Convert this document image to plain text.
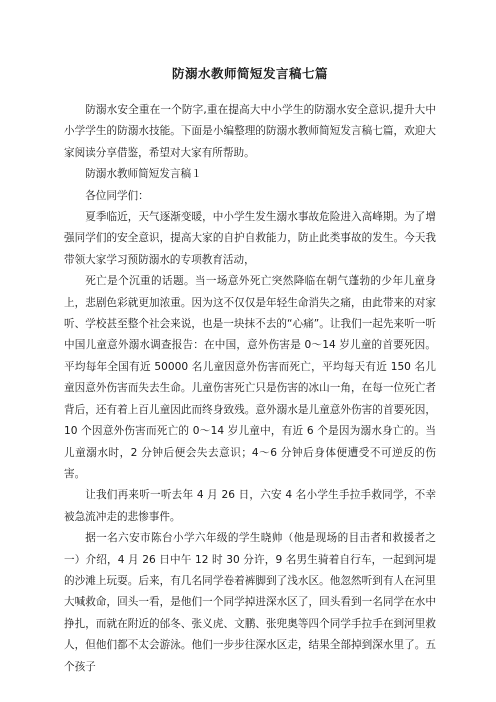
防溺水教师简短发言稿七篇

防溺水安全重在一个防字,重在提高大中小学生的防溺水安全意识,提升大中小学学生的防溺水技能。下面是小编整理的防溺水教师简短发言稿七篇，欢迎大家阅读分享借鉴，希望对大家有所帮助。

防溺水教师简短发言稿１

各位同学们：

夏季临近，天气逐渐变暖，中小学生发生溺水事故危险进入高峰期。为了增强同学们的安全意识，提高大家的自护自救能力，防止此类事故的发生。今天我带领大家学习预防溺水的专项教育活动，

死亡是个沉重的话题。当一场意外死亡突然降临在朝气蓬勃的少年儿童身上，悲剧色彩就更加浓重。因为这不仅仅是年轻生命消失之痛，由此带来的对家听、学校甚至整个社会来说，也是一块抹不去的“心痛”。让我们一起先来听一听中国儿童意外溺水调查报告：在中国，意外伤害是 0～14 岁儿童的首要死因。平均每年全国有近 50000 名儿童因意外伤害而死亡，平均每天有近 150 名儿童因意外伤害而失去生命。儿童伤害死亡只是伤害的冰山一角，在每一位死亡者背后，还有着上百儿童因此而终身致残。意外溺水是儿童意外伤害的首要死因，10 个因意外伤害而死亡的 0～14 岁儿童中，有近 6 个是因为溺水身亡的。当儿童溺水时，2 分钟后便会失去意识；4～6 分钟后身体便遭受不可逆反的伤害。

让我们再来听一听去年 4 月 26 日，六安 4 名小学生手拉手救同学，不幸被急流冲走的悲惨事件。

据一名六安市陈台小学六年级的学生晓帅（他是现场的目击者和救援者之一）介绍，4 月 26 日中午 12 时 30 分许，9 名男生骑着自行车，一起到河堤的沙滩上玩耍。后来，有几名同学卷着裤脚到了浅水区。他忽然听到有人在河里大喊救命，回头一看，是他们一个同学掉进深水区了，回头看到一名同学在水中挣扎，而就在附近的邰冬、张义虎、文鹏、张兜奥等四个同学手拉手在到河里救人，但他们都不太会游泳。他们一步步往深水区走，结果全部掉到深水里了。五个孩子
